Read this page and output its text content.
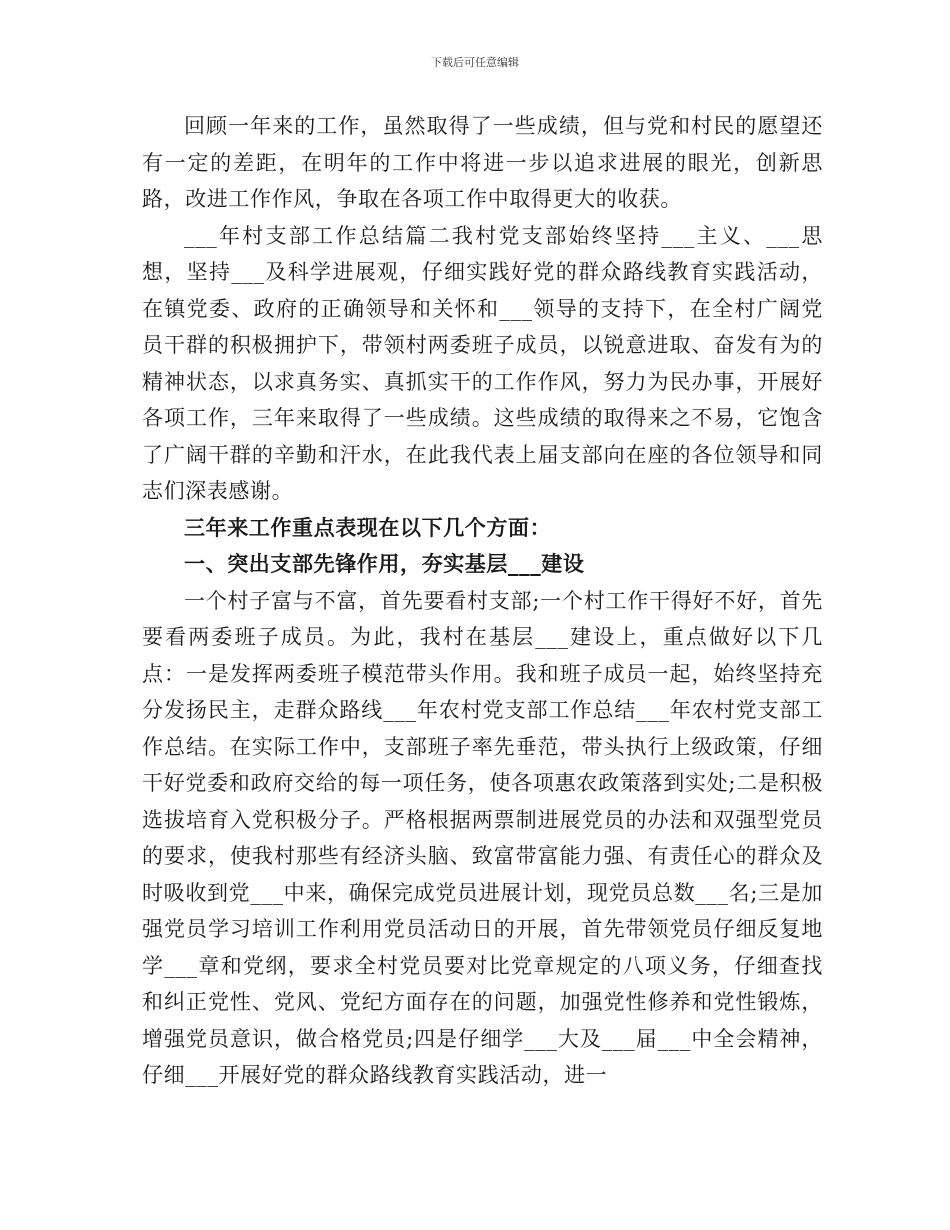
下载后可任意编辑

回顾一年来的工作，虽然取得了一些成绩，但与党和村民的愿望还有一定的差距，在明年的工作中将进一步以追求进展的眼光，创新思路，改进工作作风，争取在各项工作中取得更大的收获。

___年村支部工作总结篇二我村党支部始终坚持___主义、___思想，坚持___及科学进展观，仔细实践好党的群众路线教育实践活动，在镇党委、政府的正确领导和关怀和___领导的支持下，在全村广阔党员干群的积极拥护下，带领村两委班子成员，以锐意进取、奋发有为的精神状态，以求真务实、真抓实干的工作作风，努力为民办事，开展好各项工作，三年来取得了一些成绩。这些成绩的取得来之不易，它饱含了广阔干群的辛勤和汗水，在此我代表上届支部向在座的各位领导和同志们深表感谢。

三年来工作重点表现在以下几个方面：

一、突出支部先锋作用，夯实基层___建设

一个村子富与不富，首先要看村支部;一个村工作干得好不好，首先要看两委班子成员。为此，我村在基层___建设上，重点做好以下几点：一是发挥两委班子模范带头作用。我和班子成员一起，始终坚持充分发扬民主，走群众路线___年农村党支部工作总结___年农村党支部工作总结。在实际工作中，支部班子率先垂范，带头执行上级政策，仔细干好党委和政府交给的每一项任务，使各项惠农政策落到实处;二是积极选拔培育入党积极分子。严格根据两票制进展党员的办法和双强型党员的要求，使我村那些有经济头脑、致富带富能力强、有责任心的群众及时吸收到党___中来，确保完成党员进展计划，现党员总数___名;三是加强党员学习培训工作利用党员活动日的开展，首先带领党员仔细反复地学___章和党纲，要求全村党员要对比党章规定的八项义务，仔细查找和纠正党性、党风、党纪方面存在的问题，加强党性修养和党性锻炼，增强党员意识，做合格党员;四是仔细学___大及___届___中全会精神，仔细___开展好党的群众路线教育实践活动，进一
